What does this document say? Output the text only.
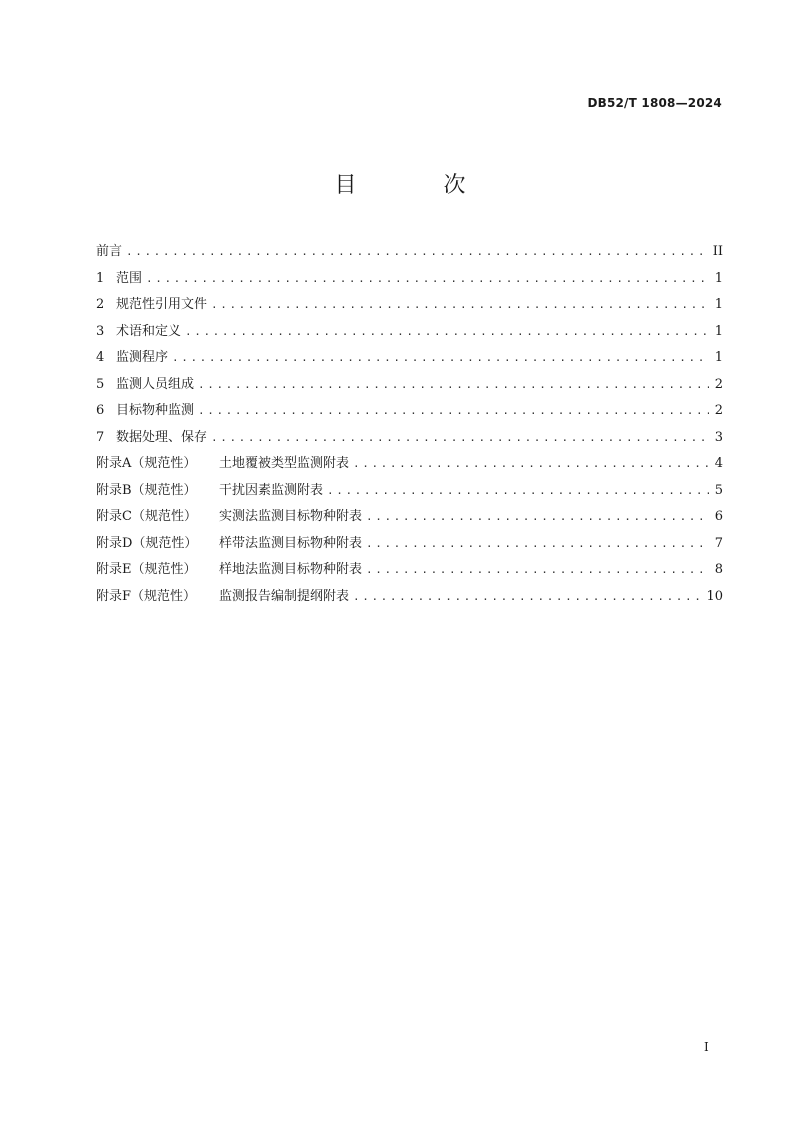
DB52/T 1808—2024
目 次
前言 .....	II
1 范围 .....	1
2 规范性引用文件 .....	1
3 术语和定义 .....	1
4 监测程序 .....	1
5 监测人员组成 .....	2
6 目标物种监测 .....	2
7 数据处理、保存 .....	3
附录A（规范性） 土地覆被类型监测附表 .....	4
附录B（规范性） 干扰因素监测附表 .....	5
附录C（规范性） 实测法监测目标物种附表 .....	6
附录D（规范性） 样带法监测目标物种附表 .....	7
附录E（规范性） 样地法监测目标物种附表 .....	8
附录F（规范性） 监测报告编制提纲附表 .....	10
I
